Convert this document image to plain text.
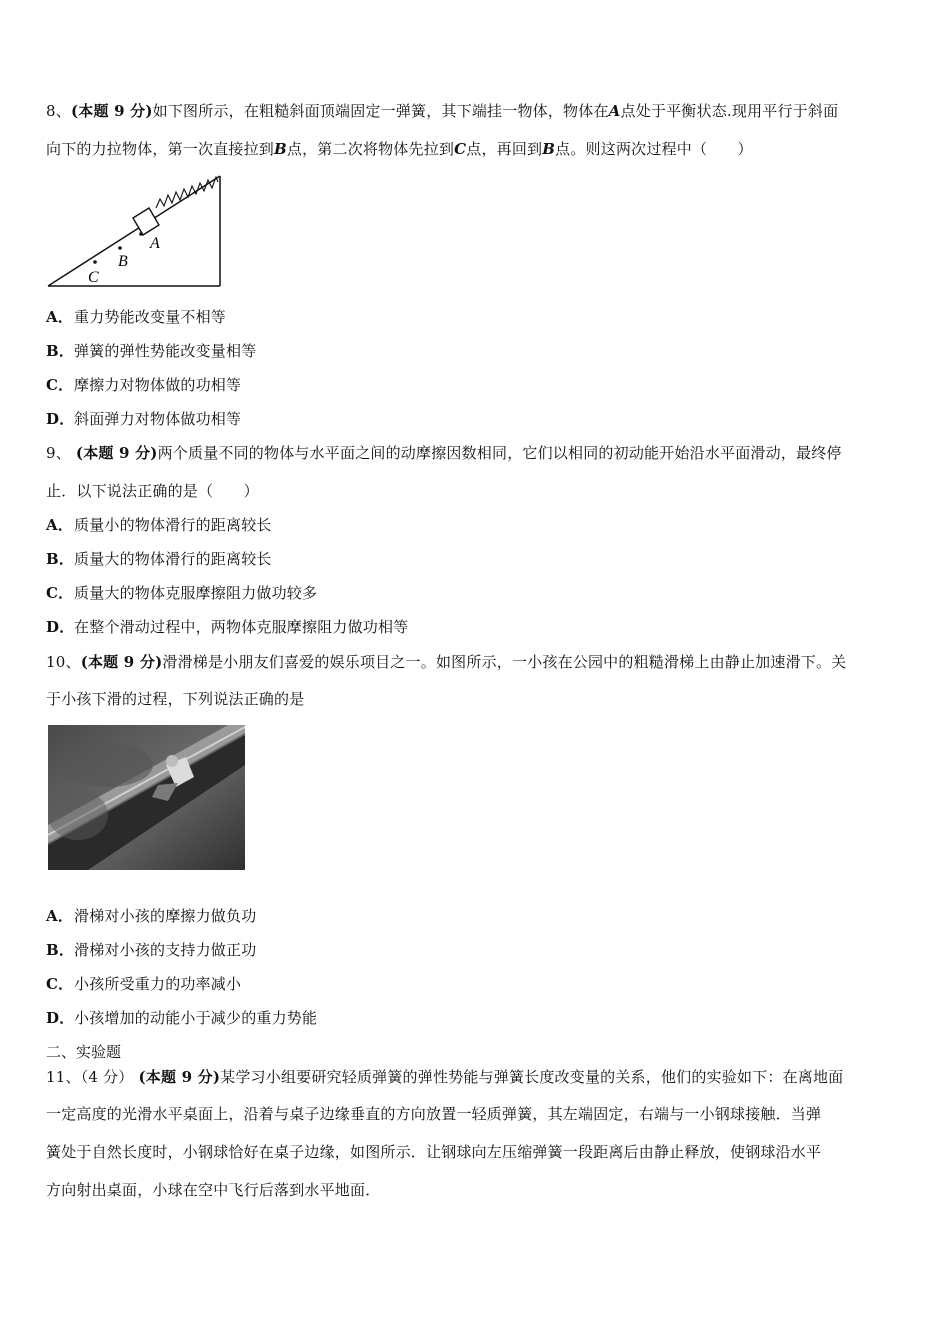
8、(本题 9 分)如下图所示，在粗糙斜面顶端固定一弹簧，其下端挂一物体，物体在A点处于平衡状态.现用平行于斜面
向下的力拉物体，第一次直接拉到B点，第二次将物体先拉到C点，再回到B点。则这两次过程中（　　）
A
B
C
A．重力势能改变量不相等
B．弹簧的弹性势能改变量相等
C．摩擦力对物体做的功相等
D．斜面弹力对物体做功相等
9、 (本题 9 分)两个质量不同的物体与水平面之间的动摩擦因数相同，它们以相同的初动能开始沿水平面滑动，最终停
止．以下说法正确的是（　　）
A．质量小的物体滑行的距离较长
B．质量大的物体滑行的距离较长
C．质量大的物体克服摩擦阻力做功较多
D．在整个滑动过程中，两物体克服摩擦阻力做功相等
10、(本题 9 分)滑滑梯是小朋友们喜爱的娱乐项目之一。如图所示，一小孩在公园中的粗糙滑梯上由静止加速滑下。关
于小孩下滑的过程，下列说法正确的是
A．滑梯对小孩的摩擦力做负功
B．滑梯对小孩的支持力做正功
C．小孩所受重力的功率减小
D．小孩增加的动能小于减少的重力势能
二、实验题
11、（4 分） (本题 9 分)某学习小组要研究轻质弹簧的弹性势能与弹簧长度改变量的关系，他们的实验如下：在离地面
一定高度的光滑水平桌面上，沿着与桌子边缘垂直的方向放置一轻质弹簧，其左端固定，右端与一小钢球接触．当弹
簧处于自然长度时，小钢球恰好在桌子边缘，如图所示．让钢球向左压缩弹簧一段距离后由静止释放，使钢球沿水平
方向射出桌面，小球在空中飞行后落到水平地面．
